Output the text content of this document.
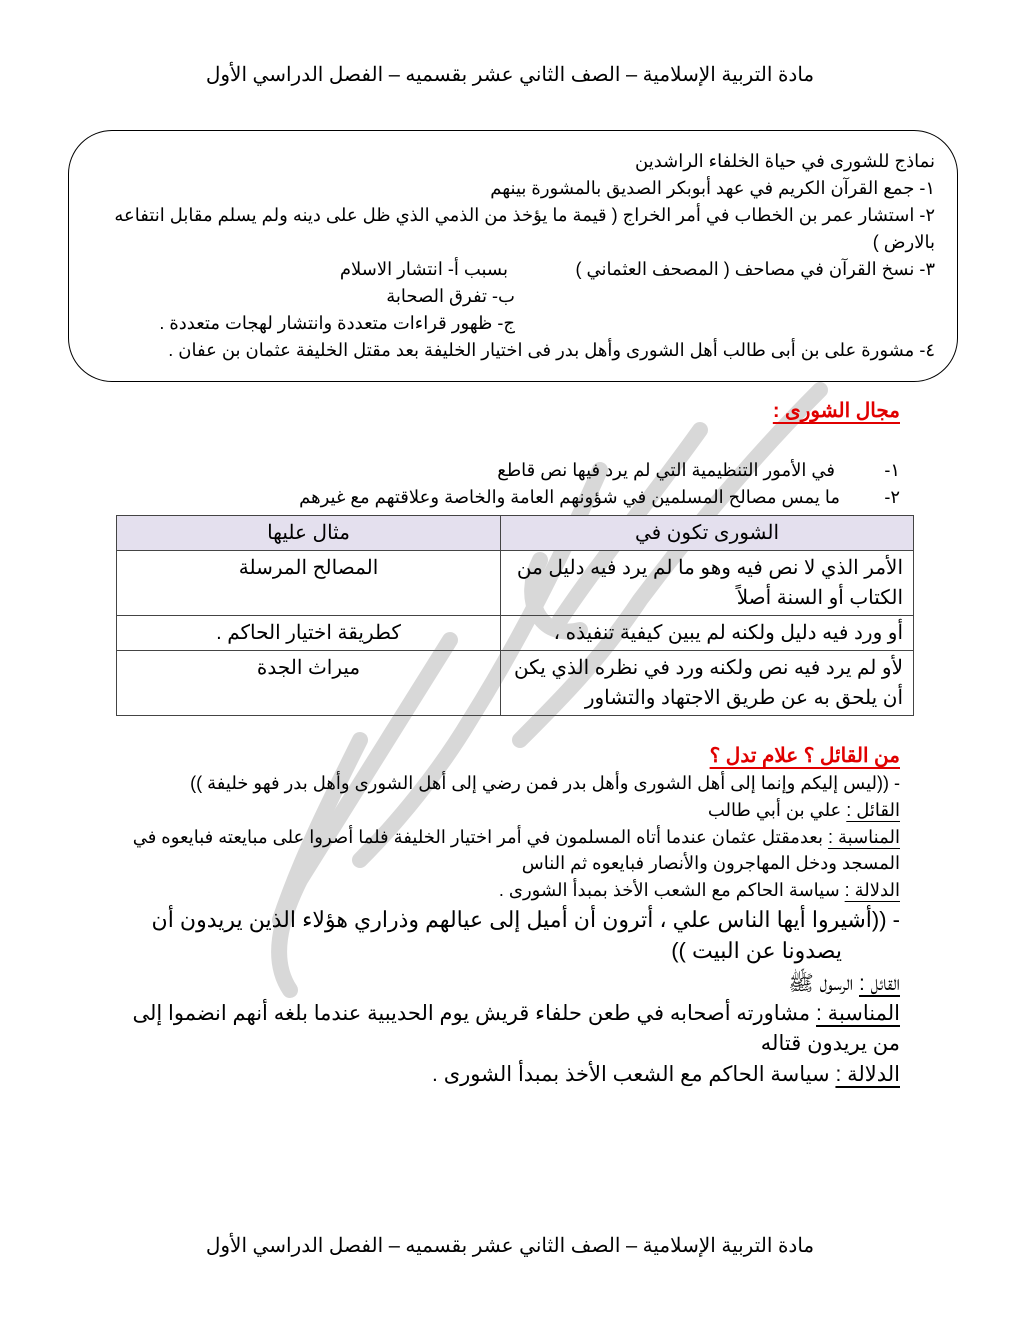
مادة التربية الإسلامية – الصف الثاني عشر بقسميه – الفصل الدراسي الأول
نماذج للشورى في حياة الخلفاء الراشدين
١- جمع القرآن الكريم في عهد أبوبكر الصديق بالمشورة بينهم
٢- استشار عمر بن الخطاب في أمر الخراج ( قيمة ما يؤخذ من الذمي الذي ظل على دينه ولم يسلم مقابل انتفاعه
بالارض )
٣- نسخ القرآن في مصاحف ( المصحف العثماني )
بسبب أ- انتشار الاسلام
ب- تفرق الصحابة
ج- ظهور قراءات متعددة وانتشار لهجات متعددة .
٤- مشورة على بن أبى طالب أهل الشورى وأهل بدر فى اختيار الخليفة بعد مقتل الخليفة عثمان بن عفان .
مجال الشورى :
١-
في الأمور التنظيمية التي لم يرد فيها نص قاطع
٢-
ما يمس مصالح المسلمين في شؤونهم العامة والخاصة وعلاقتهم مع غيرهم
الشورى تكون في	مثال عليها
الأمر الذي لا نص فيه وهو ما لم يرد فيه دليل من الكتاب أو السنة أصلاً	المصالح المرسلة
أو ورد فيه دليل ولكنه لم يبين كيفية تنفيذه ،	كطريقة اختيار الحاكم .
لأو لم يرد فيه نص ولكنه ورد في نظره الذي يكن أن يلحق به عن طريق الاجتهاد والتشاور	ميراث الجدة
من القائل ؟ علام تدل ؟
- ((ليس إليكم وإنما إلى أهل الشورى وأهل بدر فمن رضي إلى أهل الشورى وأهل بدر فهو خليفة ))
القائل : علي بن أبي طالب
المناسبة : بعدمقتل عثمان عندما أتاه المسلمون في أمر اختيار الخليفة فلما أصروا على مبايعته فبايعوه في
المسجد ودخل المهاجرون والأنصار فبايعوه ثم الناس
الدلالة : سياسة الحاكم مع الشعب الأخذ بمبدأ الشورى .
- ((أشيروا أيها الناس علي ، أترون أن أميل إلى عيالهم وذراري هؤلاء الذين يريدون أن
يصدونا عن البيت ))
القائل : الرسول ﷺ
المناسبة : مشاورته أصحابه في طعن حلفاء قريش يوم الحديبية عندما بلغه أنهم انضموا إلى
من يريدون قتاله
الدلالة : سياسة الحاكم مع الشعب الأخذ بمبدأ الشورى .
مادة التربية الإسلامية – الصف الثاني عشر بقسميه – الفصل الدراسي الأول
